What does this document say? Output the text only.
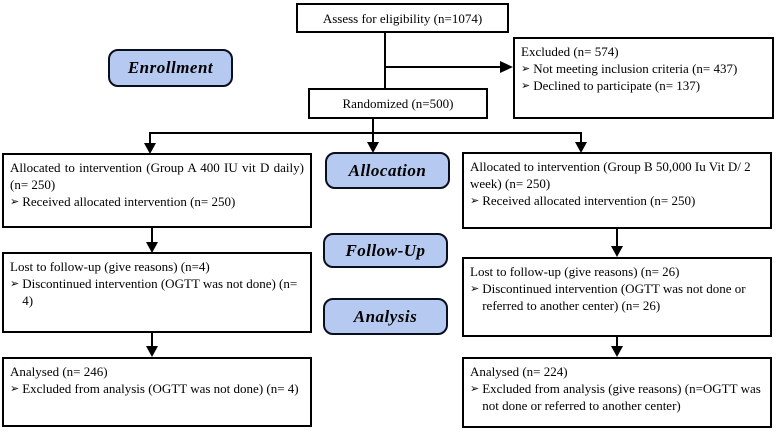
Assess for eligibility (n=1074)
Excluded (n= 574)
➢ Not meeting inclusion criteria (n= 437)
➢ Declined to participate (n= 137)
Enrollment
Randomized (n=500)
Allocated to intervention (Group A 400 IU vit D daily) (n= 250)
➢ Received allocated intervention (n= 250)
Allocation	Allocated to intervention (Group B 50,000 Iu Vit D/ 2 week) (n= 250)
➢ Received allocated intervention (n= 250)
Follow-Up
Lost to follow-up (give reasons) (n=4)
➢ Discontinued intervention (OGTT was not done) (n= 4)
Lost to follow-up (give reasons) (n= 26)
➢ Discontinued intervention (OGTT was not done or referred to another center) (n= 26)
Analysis
Analysed (n= 246)
➢ Excluded from analysis (OGTT was not done) (n= 4)
Analysed (n= 224)
➢ Excluded from analysis (give reasons) (n=OGTT was not done or referred to another center)
